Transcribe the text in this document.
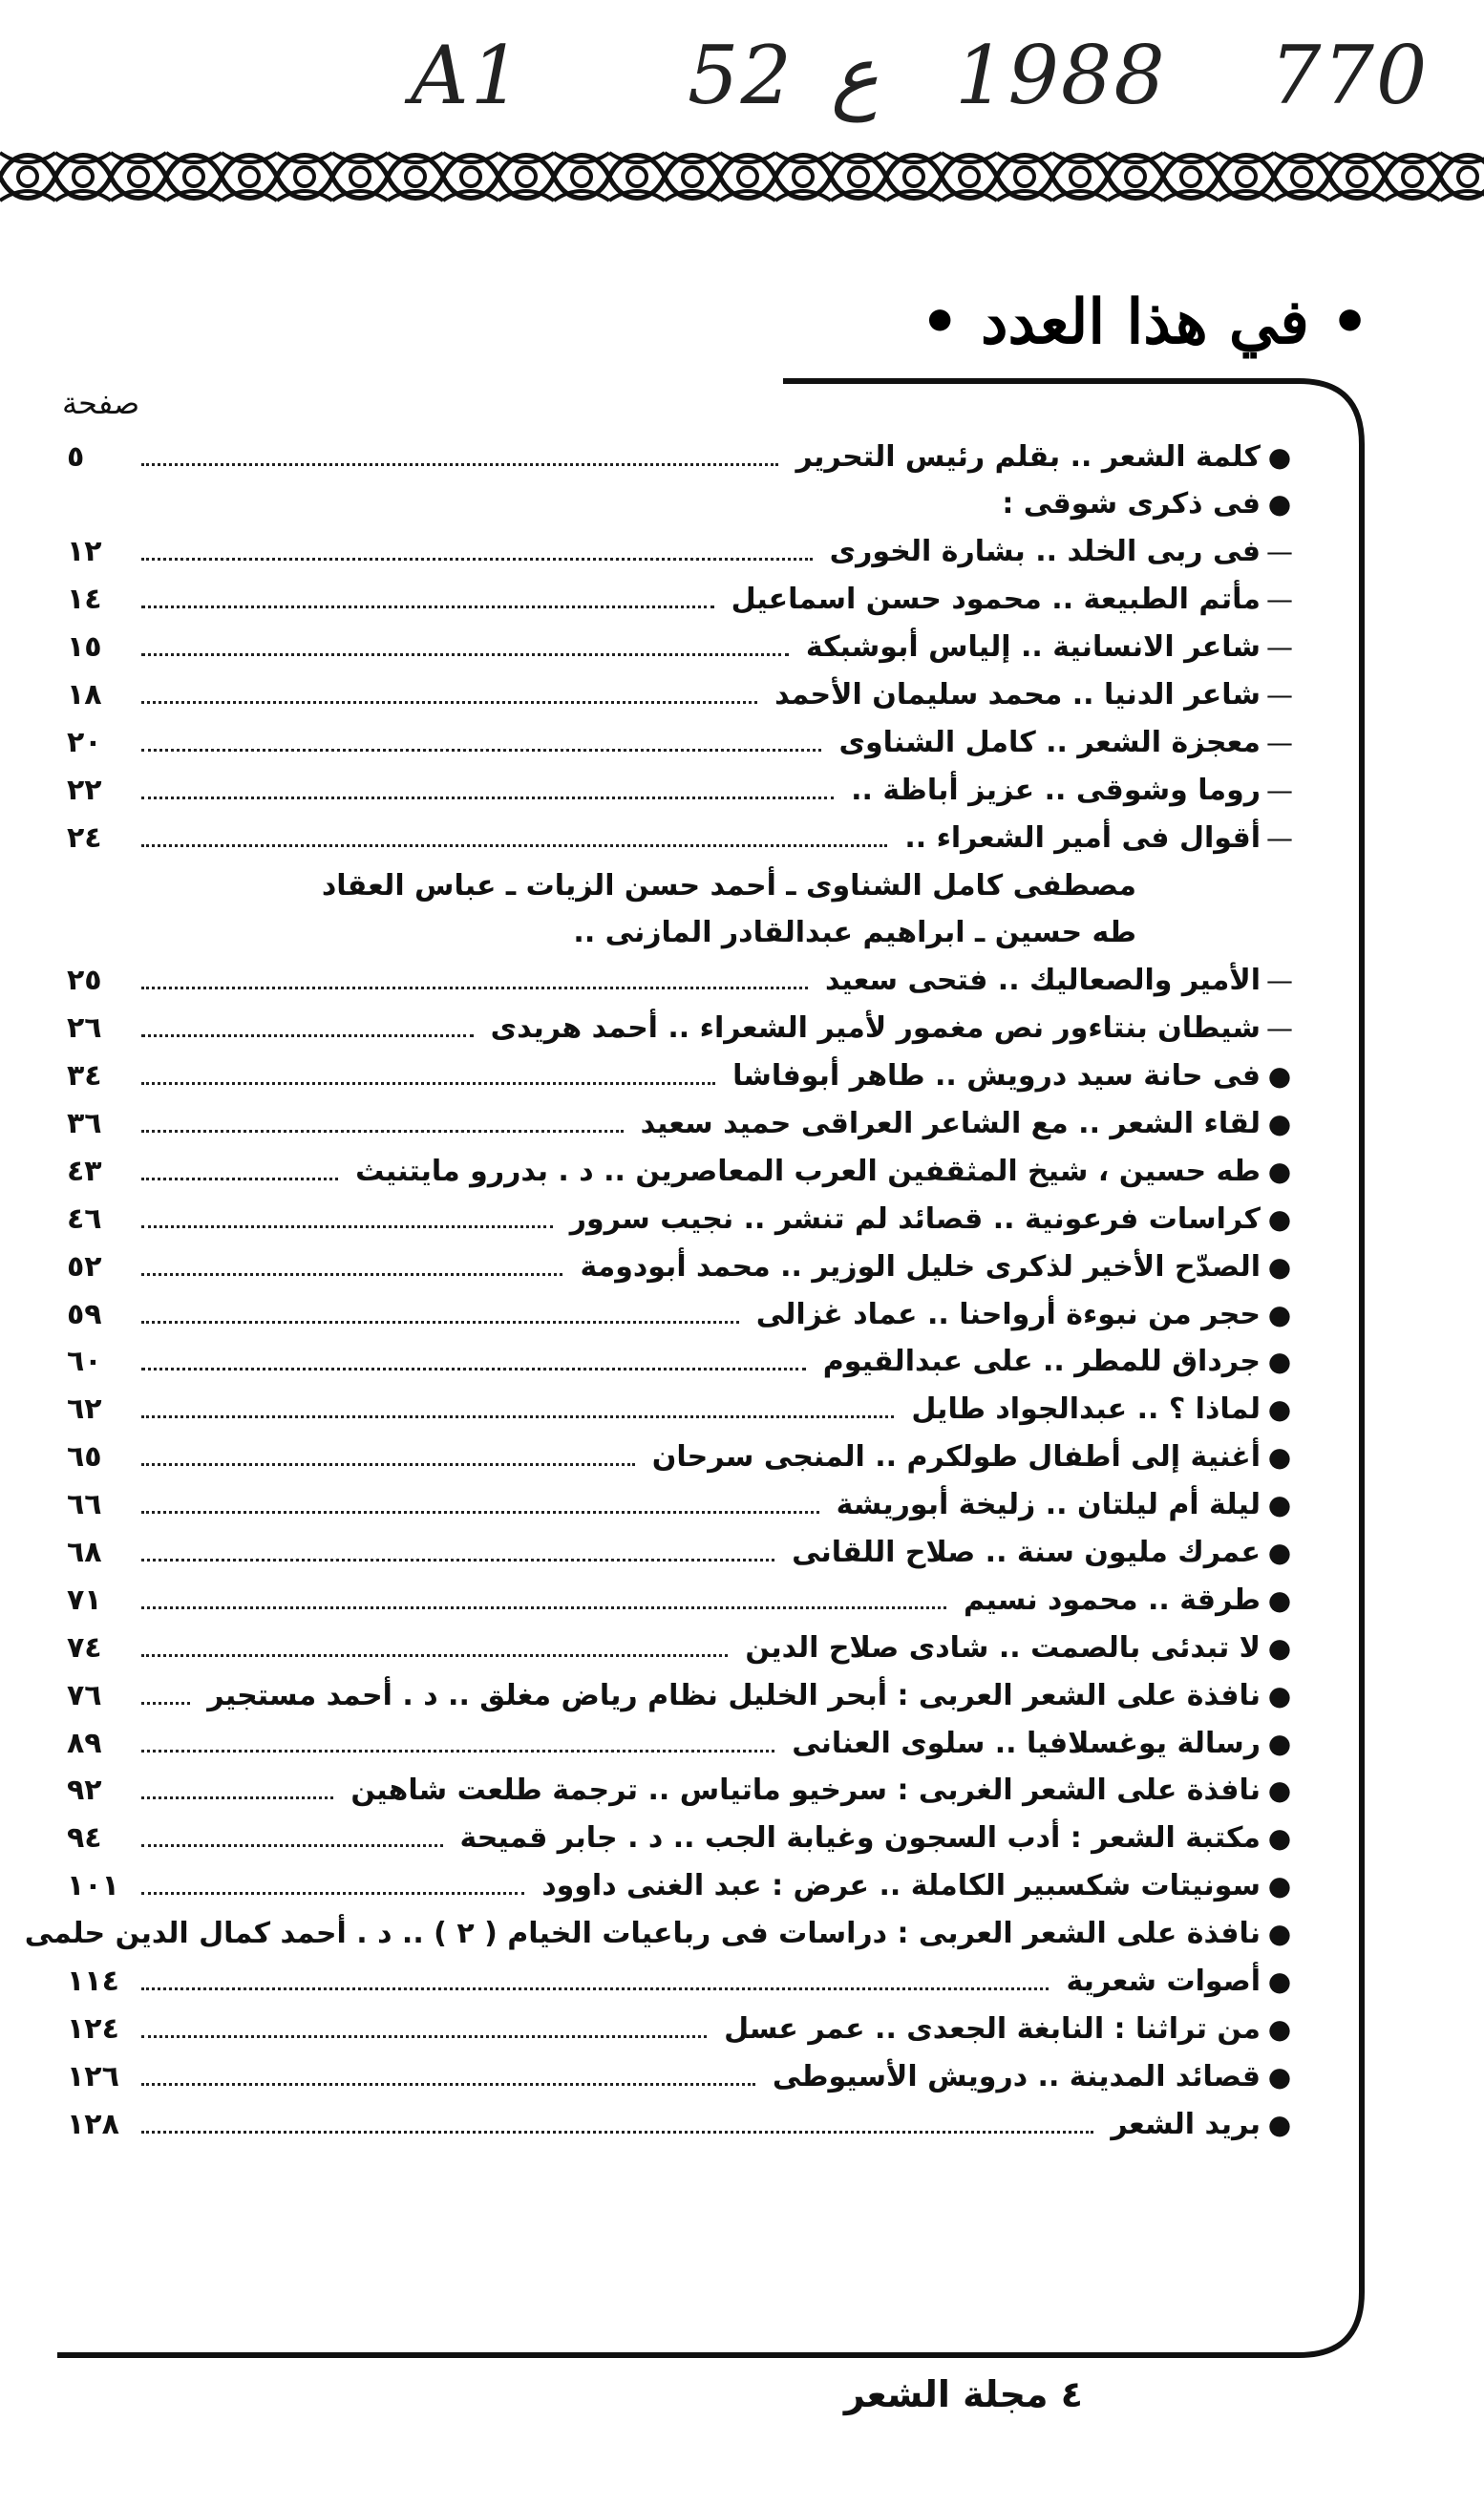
A1 52 ع 1988 770
• في هذا العدد •
صفحة
●
كلمة الشعر .. بقلم رئيس التحرير
٥
●
فى ذكرى شوقى :
—
فى ربى الخلد .. بشارة الخورى
١٢
—
مأتم الطبيعة .. محمود حسن اسماعيل
١٤
—
شاعر الانسانية .. إلياس أبوشبكة
١٥
—
شاعر الدنيا .. محمد سليمان الأحمد
١٨
—
معجزة الشعر .. كامل الشناوى
٢٠
—
روما وشوقى .. عزيز أباظة ..
٢٢
—
أقوال فى أمير الشعراء ..
٢٤
مصطفى كامل الشناوى ـ أحمد حسن الزيات ـ عباس العقاد
طه حسين ـ ابراهيم عبدالقادر المازنى ..
—
الأمير والصعاليك .. فتحى سعيد
٢٥
—
شيطان بنتاءور نص مغمور لأمير الشعراء .. أحمد هريدى
٢٦
●
فى حانة سيد درويش .. طاهر أبوفاشا
٣٤
●
لقاء الشعر .. مع الشاعر العراقى حميد سعيد
٣٦
●
طه حسين ، شيخ المثقفين العرب المعاصرين .. د . بدررو مايتنيث
٤٣
●
كراسات فرعونية .. قصائد لم تنشر .. نجيب سرور
٤٦
●
الصدّح الأخير لذكرى خليل الوزير .. محمد أبودومة
٥٢
●
حجر من نبوءة أرواحنا .. عماد غزالى
٥٩
●
جرداق للمطر .. على عبدالقيوم
٦٠
●
لماذا ؟ .. عبدالجواد طايل
٦٢
●
أغنية إلى أطفال طولكرم .. المنجى سرحان
٦٥
●
ليلة أم ليلتان .. زليخة أبوريشة
٦٦
●
عمرك مليون سنة .. صلاح اللقانى
٦٨
●
طرقة .. محمود نسيم
٧١
●
لا تبدئى بالصمت .. شادى صلاح الدين
٧٤
●
نافذة على الشعر العربى : أبحر الخليل نظام رياض مغلق .. د . أحمد مستجير
٧٦
●
رسالة يوغسلافيا .. سلوى العنانى
٨٩
●
نافذة على الشعر الغربى : سرخيو ماتياس .. ترجمة طلعت شاهين
٩٢
●
مكتبة الشعر : أدب السجون وغيابة الجب .. د . جابر قميحة
٩٤
●
سونيتات شكسبير الكاملة .. عرض : عبد الغنى داوود
١٠١
●
نافذة على الشعر العربى : دراسات فى رباعيات الخيام ( ٢ ) .. د . أحمد كمال الدين حلمى
●
أصوات شعرية
١١٤
●
من تراثنا : النابغة الجعدى .. عمر عسل
١٢٤
●
قصائد المدينة .. درويش الأسيوطى
١٢٦
●
بريد الشعر
١٢٨
٤ مجلة الشعر
